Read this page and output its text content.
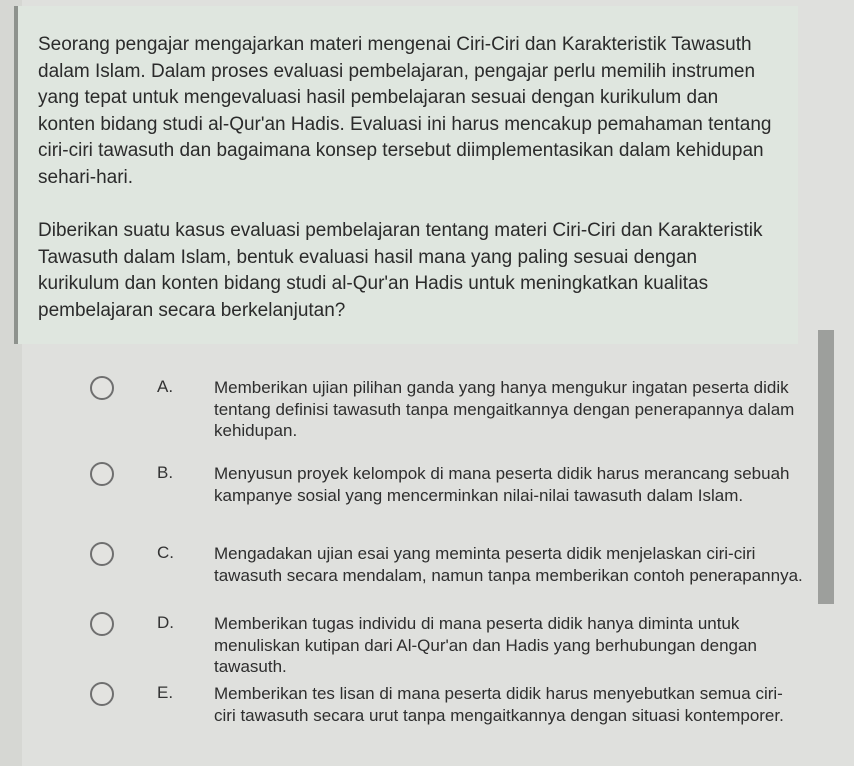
Seorang pengajar mengajarkan materi mengenai Ciri-Ciri dan Karakteristik Tawasuth dalam Islam. Dalam proses evaluasi pembelajaran, pengajar perlu memilih instrumen yang tepat untuk mengevaluasi hasil pembelajaran sesuai dengan kurikulum dan konten bidang studi al-Qur'an Hadis. Evaluasi ini harus mencakup pemahaman tentang ciri-ciri tawasuth dan bagaimana konsep tersebut diimplementasikan dalam kehidupan sehari-hari.

Diberikan suatu kasus evaluasi pembelajaran tentang materi Ciri-Ciri dan Karakteristik Tawasuth dalam Islam, bentuk evaluasi hasil mana yang paling sesuai dengan kurikulum dan konten bidang studi al-Qur'an Hadis untuk meningkatkan kualitas pembelajaran secara berkelanjutan?

A. Memberikan ujian pilihan ganda yang hanya mengukur ingatan peserta didik tentang definisi tawasuth tanpa mengaitkannya dengan penerapannya dalam kehidupan.

B. Menyusun proyek kelompok di mana peserta didik harus merancang sebuah kampanye sosial yang mencerminkan nilai-nilai tawasuth dalam Islam.

C. Mengadakan ujian esai yang meminta peserta didik menjelaskan ciri-ciri tawasuth secara mendalam, namun tanpa memberikan contoh penerapannya.

D. Memberikan tugas individu di mana peserta didik hanya diminta untuk menuliskan kutipan dari Al-Qur'an dan Hadis yang berhubungan dengan tawasuth.

E. Memberikan tes lisan di mana peserta didik harus menyebutkan semua ciri-ciri tawasuth secara urut tanpa mengaitkannya dengan situasi kontemporer.
